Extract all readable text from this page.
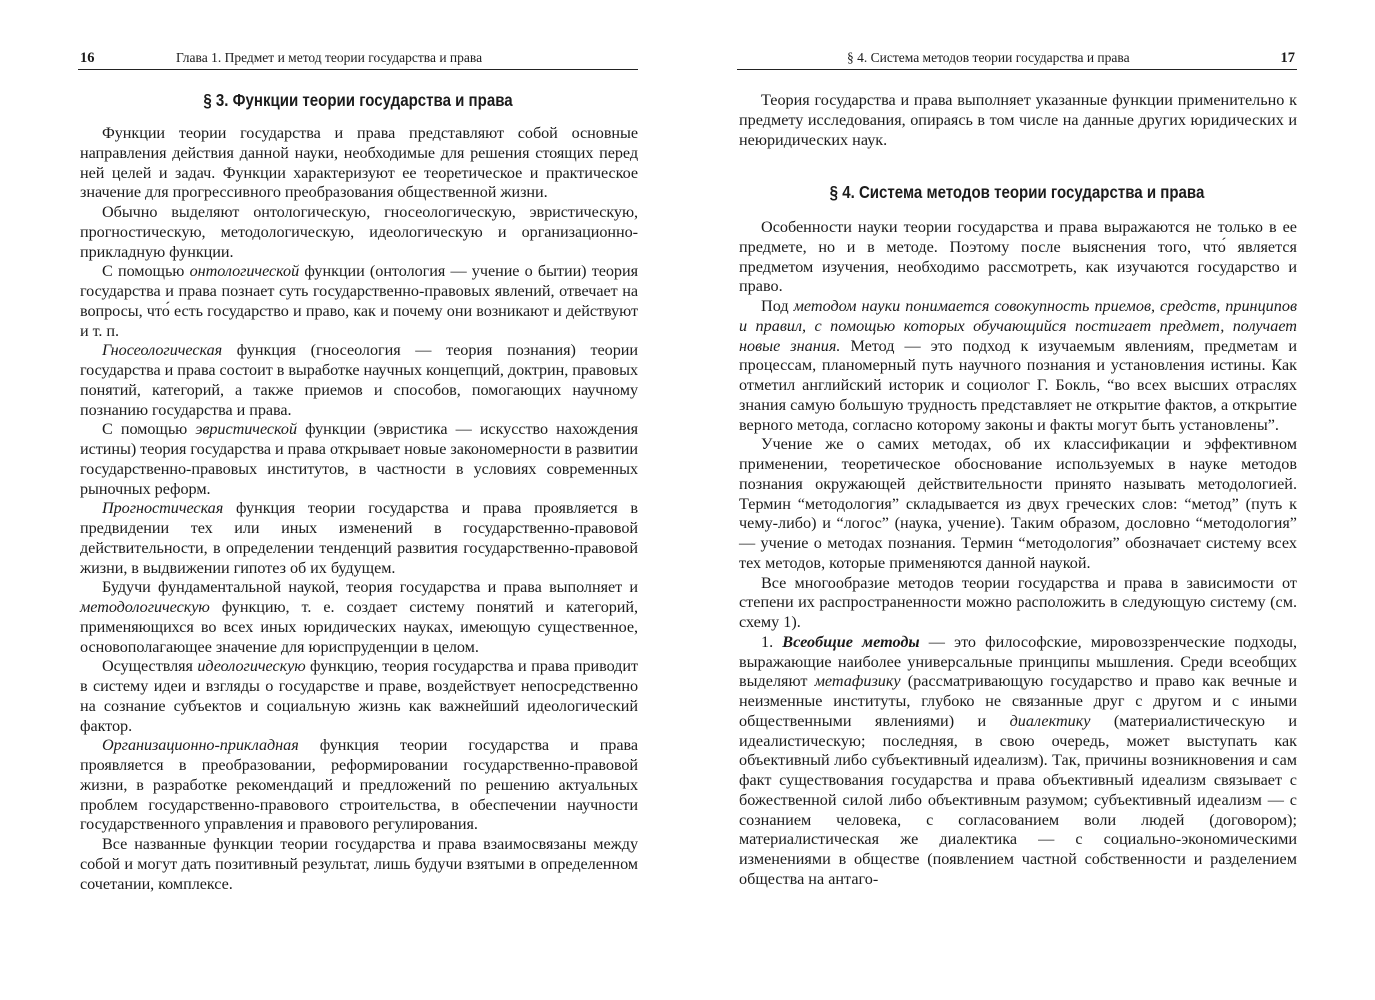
16	Глава 1. Предмет и метод теории государства и права
§ 3. Функции теории государства и права

Функции теории государства и права представляют собой основные направления действия данной науки, необходимые для решения стоящих перед ней целей и задач. Функции характеризуют ее теоретическое и практическое значение для прогрессивного преобразования общественной жизни.

Обычно выделяют онтологическую, гносеологическую, эвристическую, прогностическую, методологическую, идеологическую и организационно-прикладную функции.

С помощью онтологической функции (онтология — учение о бытии) теория государства и права познает суть государственно-правовых явлений, отвечает на вопросы, что́ есть государство и право, как и почему они возникают и действуют и т. п.

Гносеологическая функция (гносеология — теория познания) теории государства и права состоит в выработке научных концепций, доктрин, правовых понятий, категорий, а также приемов и способов, помогающих научному познанию государства и права.

С помощью эвристической функции (эвристика — искусство нахождения истины) теория государства и права открывает новые закономерности в развитии государственно-правовых институтов, в частности в условиях современных рыночных реформ.

Прогностическая функция теории государства и права проявляется в предвидении тех или иных изменений в государственно-правовой действительности, в определении тенденций развития государственно-правовой жизни, в выдвижении гипотез об их будущем.

Будучи фундаментальной наукой, теория государства и права выполняет и методологическую функцию, т. е. создает систему понятий и категорий, применяющихся во всех иных юридических науках, имеющую существенное, основополагающее значение для юриспруденции в целом.

Осуществляя идеологическую функцию, теория государства и права приводит в систему идеи и взгляды о государстве и праве, воздействует непосредственно на сознание субъектов и социальную жизнь как важнейший идеологический фактор.

Организационно-прикладная функция теории государства и права проявляется в преобразовании, реформировании государственно-правовой жизни, в разработке рекомендаций и предложений по решению актуальных проблем государственно-правового строительства, в обеспечении научности государственного управления и правового регулирования.

Все названные функции теории государства и права взаимосвязаны между собой и могут дать позитивный результат, лишь будучи взятыми в определенном сочетании, комплексе.

§ 4. Система методов теории государства и права	17

Теория государства и права выполняет указанные функции применительно к предмету исследования, опираясь в том числе на данные других юридических и неюридических наук.

§ 4. Система методов теории государства и права

Особенности науки теории государства и права выражаются не только в ее предмете, но и в методе. Поэтому после выяснения того, что́ является предметом изучения, необходимо рассмотреть, как изучаются государство и право.

Под методом науки понимается совокупность приемов, средств, принципов и правил, с помощью которых обучающийся постигает предмет, получает новые знания. Метод — это подход к изучаемым явлениям, предметам и процессам, планомерный путь научного познания и установления истины. Как отметил английский историк и социолог Г. Бокль, “во всех высших отраслях знания самую большую трудность представляет не открытие фактов, а открытие верного метода, согласно которому законы и факты могут быть установлены”.

Учение же о самих методах, об их классификации и эффективном применении, теоретическое обоснование используемых в науке методов познания окружающей действительности принято называть методологией. Термин “методология” складывается из двух греческих слов: “метод” (путь к чему-либо) и “логос” (наука, учение). Таким образом, дословно “методология” — учение о методах познания. Термин “методология” обозначает систему всех тех методов, которые применяются данной наукой.

Все многообразие методов теории государства и права в зависимости от степени их распространенности можно расположить в следующую систему (см. схему 1).

1. Всеобщие методы — это философские, мировоззренческие подходы, выражающие наиболее универсальные принципы мышления. Среди всеобщих выделяют метафизику (рассматривающую государство и право как вечные и неизменные институты, глубоко не связанные друг с другом и с иными общественными явлениями) и диалектику (материалистическую и идеалистическую; последняя, в свою очередь, может выступать как объективный либо субъективный идеализм). Так, причины возникновения и сам факт существования государства и права объективный идеализм связывает с божественной силой либо объективным разумом; субъективный идеализм — с сознанием человека, с согласованием воли людей (договором); материалистическая же диалектика — с социально-экономическими изменениями в обществе (появлением частной собственности и разделением общества на антаго-
